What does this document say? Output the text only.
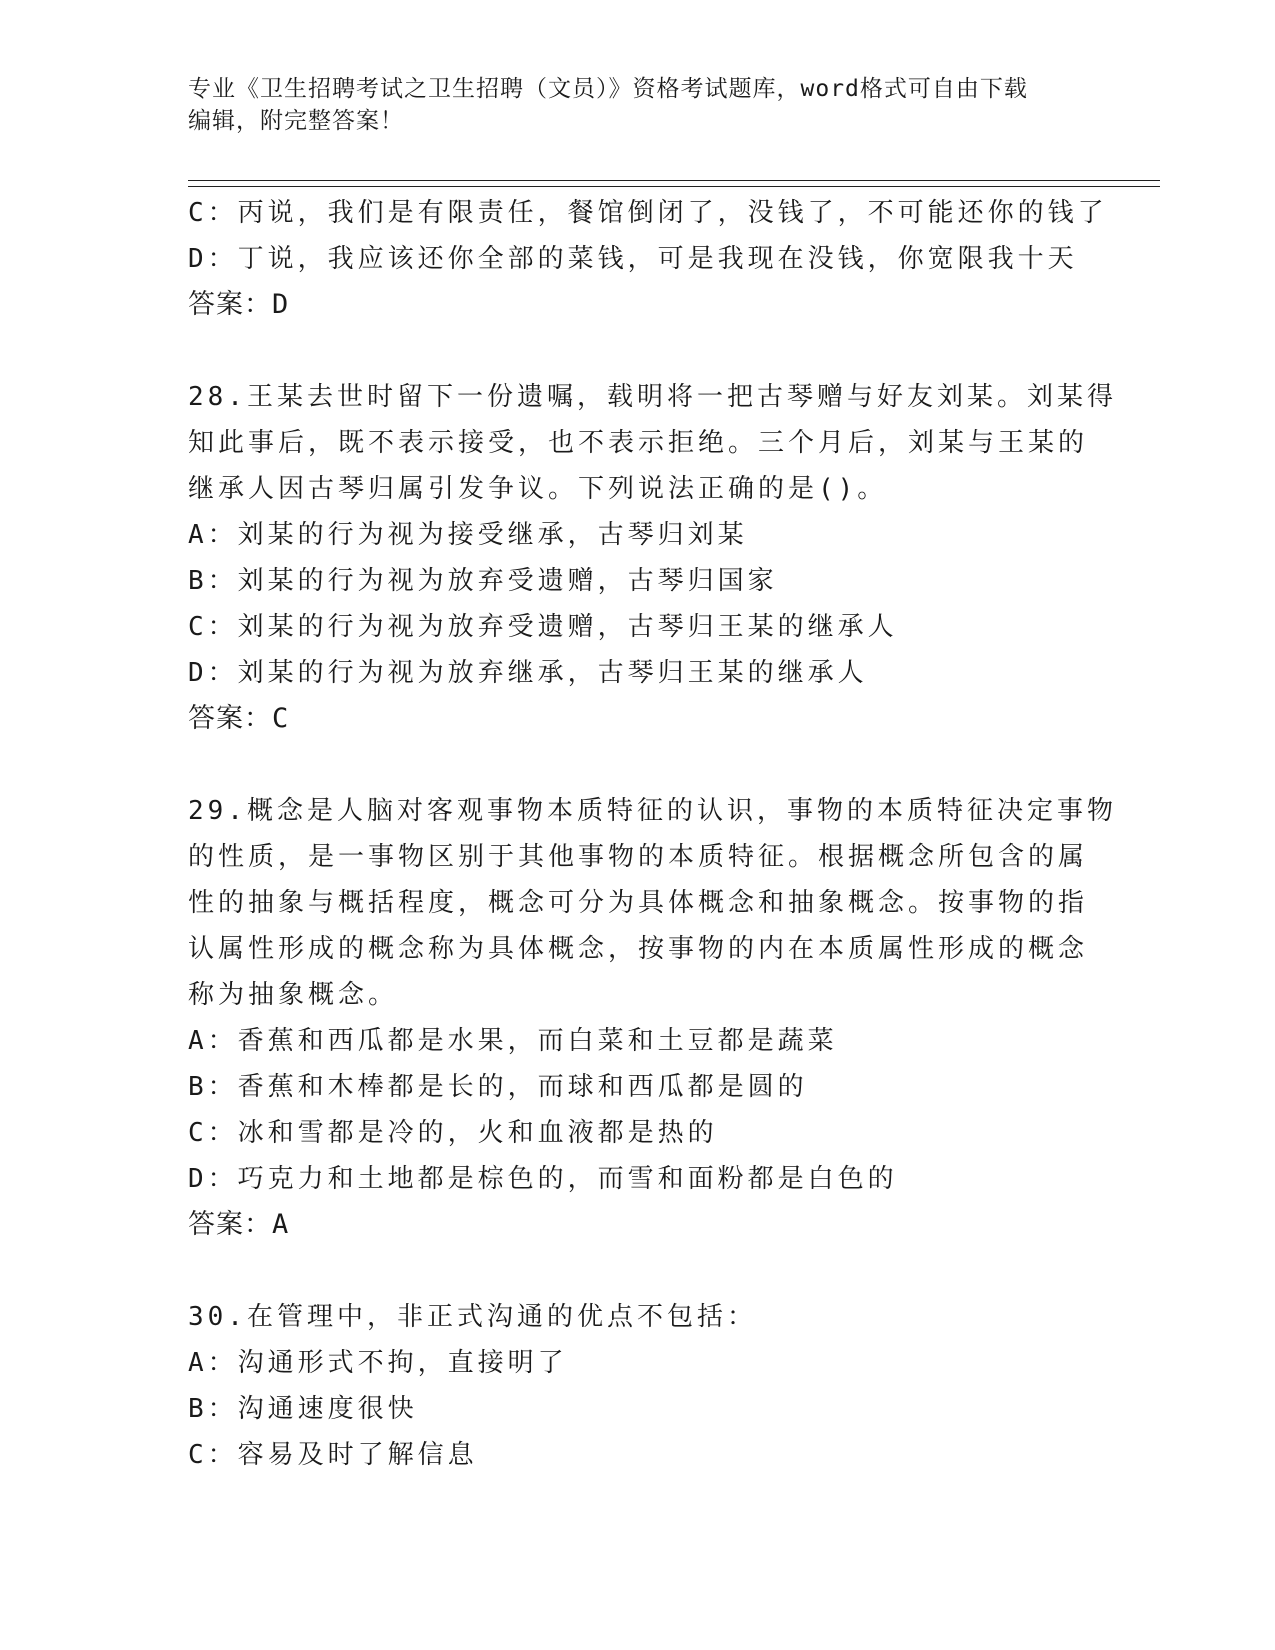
专业《卫生招聘考试之卫生招聘（文员）》资格考试题库，word格式可自由下载
编辑，附完整答案！
C：丙说，我们是有限责任，餐馆倒闭了，没钱了，不可能还你的钱了
D：丁说，我应该还你全部的菜钱，可是我现在没钱，你宽限我十天
答案：D
28.王某去世时留下一份遗嘱，载明将一把古琴赠与好友刘某。刘某得
知此事后，既不表示接受，也不表示拒绝。三个月后，刘某与王某的
继承人因古琴归属引发争议。下列说法正确的是()。
A：刘某的行为视为接受继承，古琴归刘某
B：刘某的行为视为放弃受遗赠，古琴归国家
C：刘某的行为视为放弃受遗赠，古琴归王某的继承人
D：刘某的行为视为放弃继承，古琴归王某的继承人
答案：C
29.概念是人脑对客观事物本质特征的认识，事物的本质特征决定事物
的性质，是一事物区别于其他事物的本质特征。根据概念所包含的属
性的抽象与概括程度，概念可分为具体概念和抽象概念。按事物的指
认属性形成的概念称为具体概念，按事物的内在本质属性形成的概念
称为抽象概念。
A：香蕉和西瓜都是水果，而白菜和土豆都是蔬菜
B：香蕉和木棒都是长的，而球和西瓜都是圆的
C：冰和雪都是冷的，火和血液都是热的
D：巧克力和土地都是棕色的，而雪和面粉都是白色的
答案：A
30.在管理中，非正式沟通的优点不包括：
A：沟通形式不拘，直接明了
B：沟通速度很快
C：容易及时了解信息
